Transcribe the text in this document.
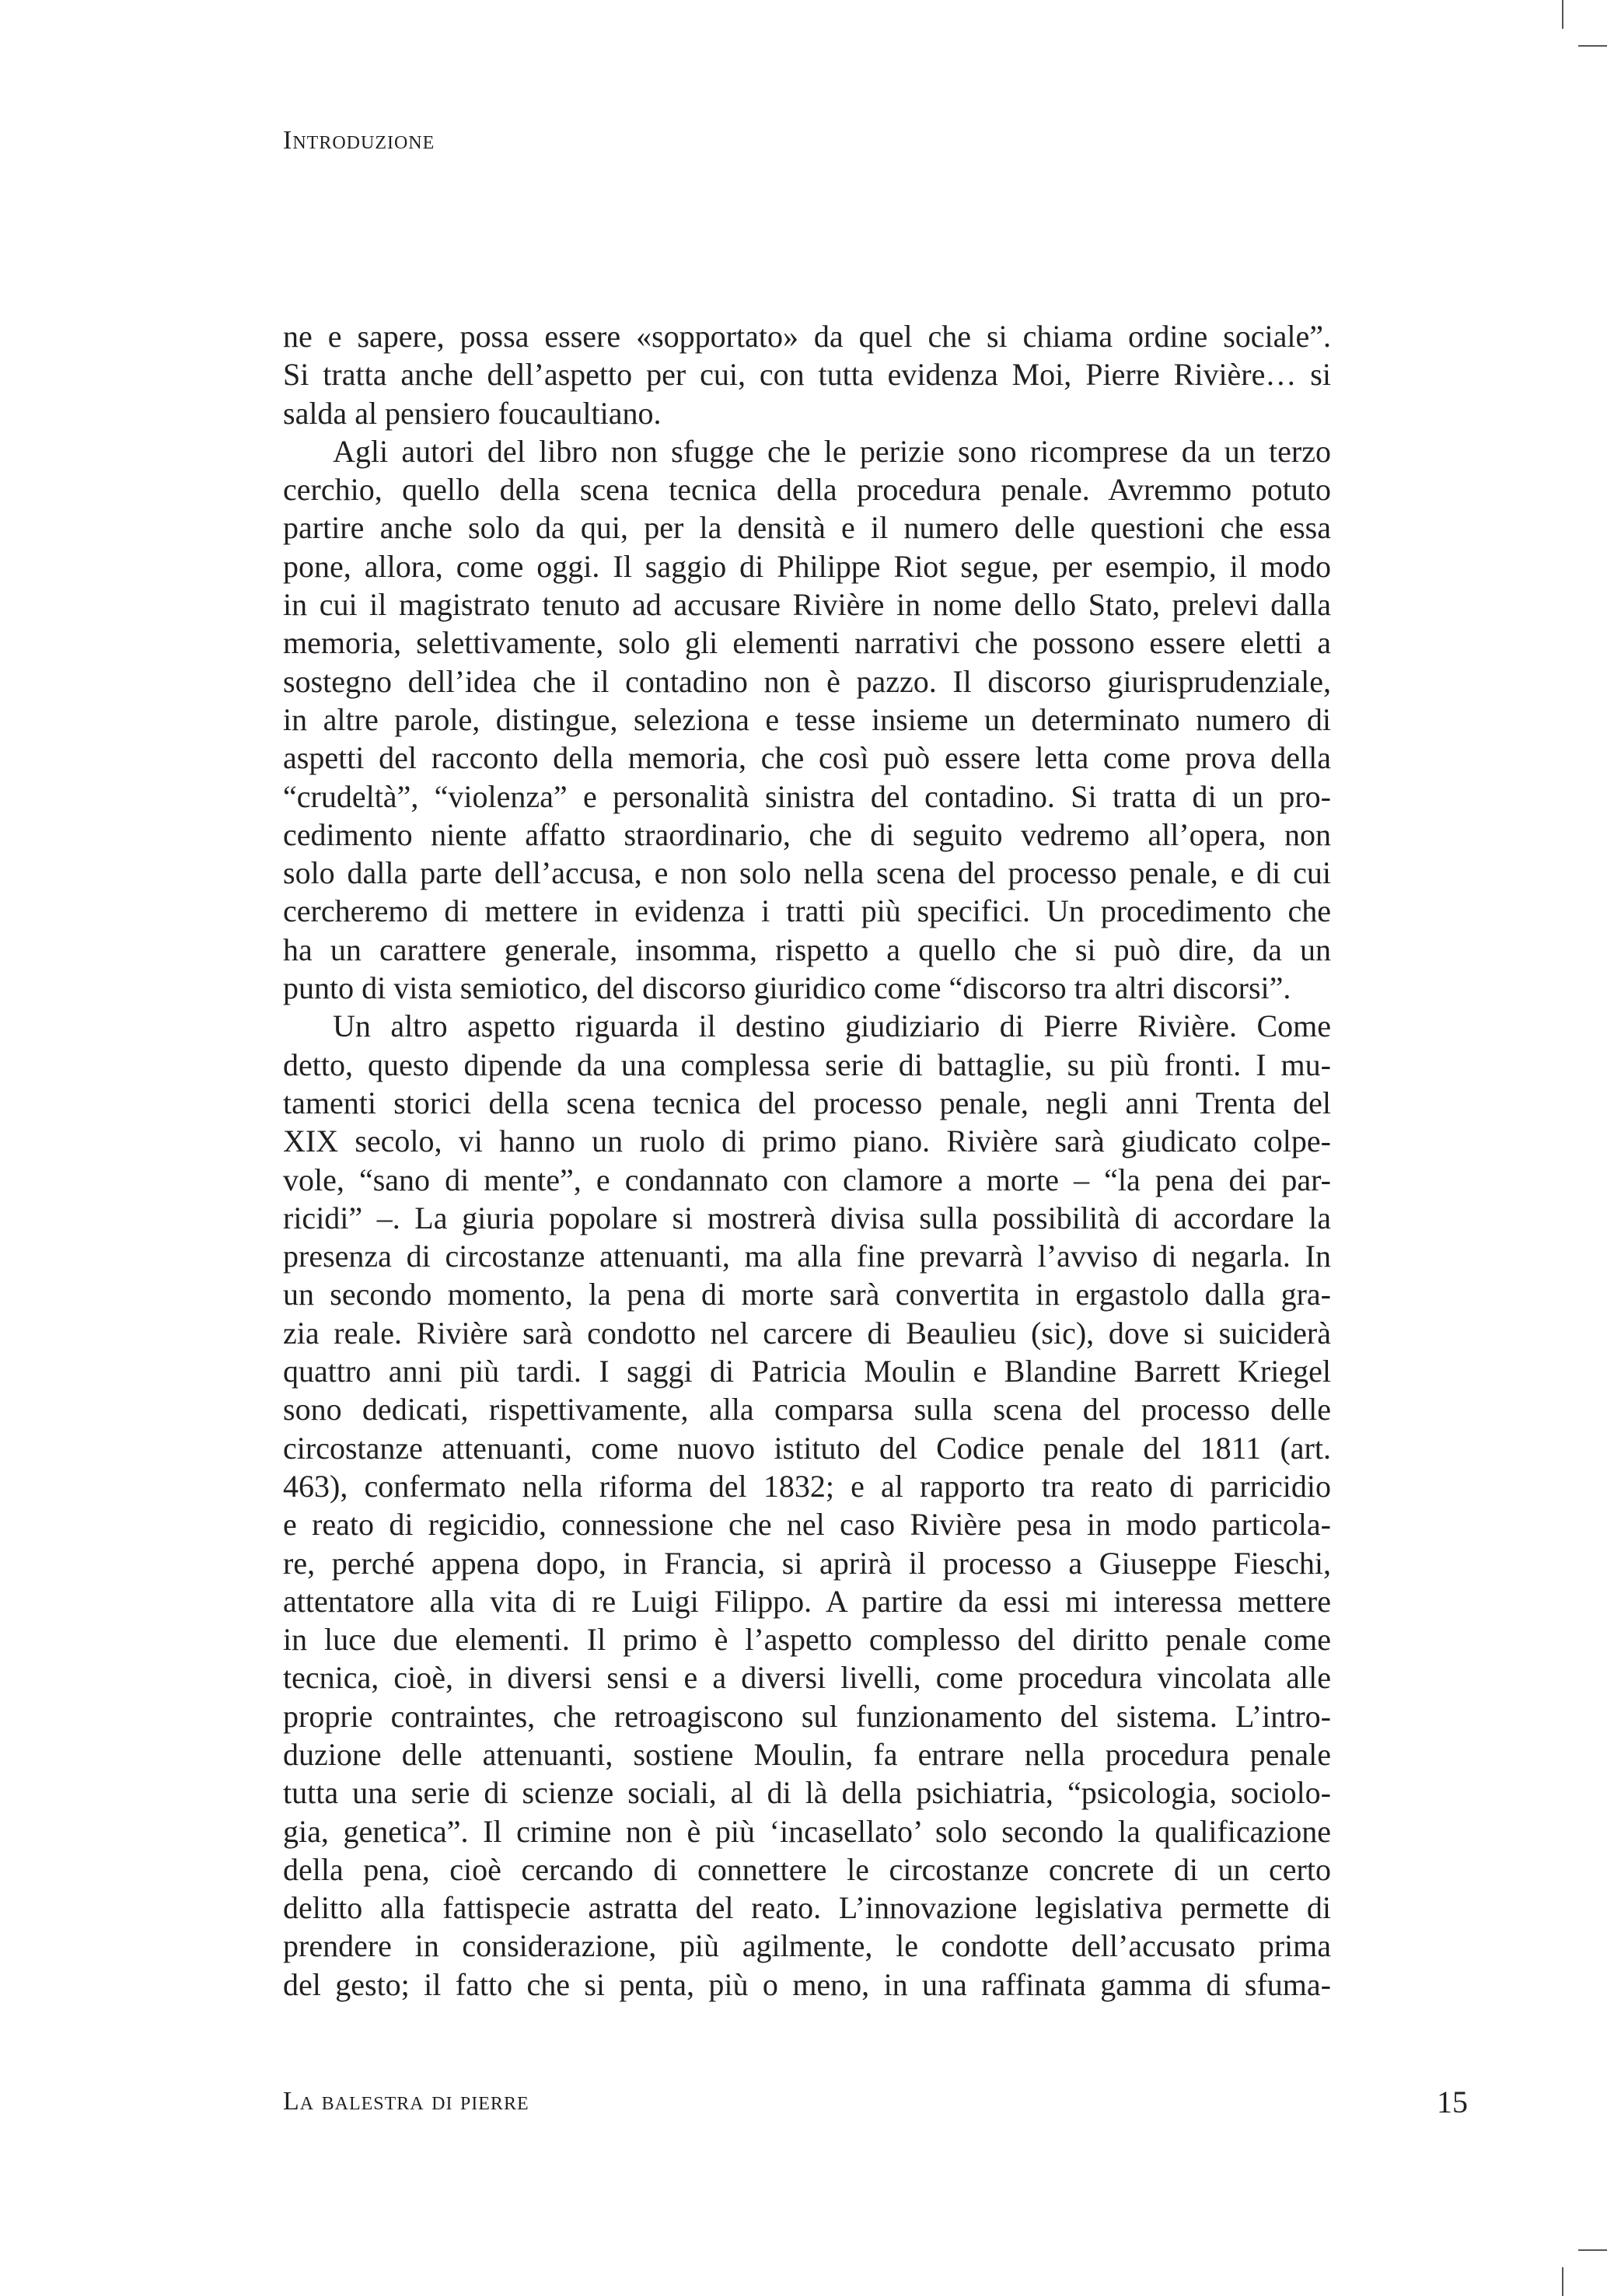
Introduzione
ne e sapere, possa essere «sopportato» da quel che si chiama ordine sociale”.
Si tratta anche dell’aspetto per cui, con tutta evidenza Moi, Pierre Rivière… si
salda al pensiero foucaultiano.
Agli autori del libro non sfugge che le perizie sono ricomprese da un terzo
cerchio, quello della scena tecnica della procedura penale. Avremmo potuto
partire anche solo da qui, per la densità e il numero delle questioni che essa
pone, allora, come oggi. Il saggio di Philippe Riot segue, per esempio, il modo
in cui il magistrato tenuto ad accusare Rivière in nome dello Stato, prelevi dalla
memoria, selettivamente, solo gli elementi narrativi che possono essere eletti a
sostegno dell’idea che il contadino non è pazzo. Il discorso giurisprudenziale,
in altre parole, distingue, seleziona e tesse insieme un determinato numero di
aspetti del racconto della memoria, che così può essere letta come prova della
“crudeltà”, “violenza” e personalità sinistra del contadino. Si tratta di un pro-
cedimento niente affatto straordinario, che di seguito vedremo all’opera, non
solo dalla parte dell’accusa, e non solo nella scena del processo penale, e di cui
cercheremo di mettere in evidenza i tratti più specifici. Un procedimento che
ha un carattere generale, insomma, rispetto a quello che si può dire, da un
punto di vista semiotico, del discorso giuridico come “discorso tra altri discorsi”.
Un altro aspetto riguarda il destino giudiziario di Pierre Rivière. Come
detto, questo dipende da una complessa serie di battaglie, su più fronti. I mu-
tamenti storici della scena tecnica del processo penale, negli anni Trenta del
XIX secolo, vi hanno un ruolo di primo piano. Rivière sarà giudicato colpe-
vole, “sano di mente”, e condannato con clamore a morte – “la pena dei par-
ricidi” –. La giuria popolare si mostrerà divisa sulla possibilità di accordare la
presenza di circostanze attenuanti, ma alla fine prevarrà l’avviso di negarla. In
un secondo momento, la pena di morte sarà convertita in ergastolo dalla gra-
zia reale. Rivière sarà condotto nel carcere di Beaulieu (sic), dove si suiciderà
quattro anni più tardi. I saggi di Patricia Moulin e Blandine Barrett Kriegel
sono dedicati, rispettivamente, alla comparsa sulla scena del processo delle
circostanze attenuanti, come nuovo istituto del Codice penale del 1811 (art.
463), confermato nella riforma del 1832; e al rapporto tra reato di parricidio
e reato di regicidio, connessione che nel caso Rivière pesa in modo particola-
re, perché appena dopo, in Francia, si aprirà il processo a Giuseppe Fieschi,
attentatore alla vita di re Luigi Filippo. A partire da essi mi interessa mettere
in luce due elementi. Il primo è l’aspetto complesso del diritto penale come
tecnica, cioè, in diversi sensi e a diversi livelli, come procedura vincolata alle
proprie contraintes, che retroagiscono sul funzionamento del sistema. L’intro-
duzione delle attenuanti, sostiene Moulin, fa entrare nella procedura penale
tutta una serie di scienze sociali, al di là della psichiatria, “psicologia, sociolo-
gia, genetica”. Il crimine non è più ‘incasellato’ solo secondo la qualificazione
della pena, cioè cercando di connettere le circostanze concrete di un certo
delitto alla fattispecie astratta del reato. L’innovazione legislativa permette di
prendere in considerazione, più agilmente, le condotte dell’accusato prima
del gesto; il fatto che si penta, più o meno, in una raffinata gamma di sfuma-
La balestra di pierre	15
